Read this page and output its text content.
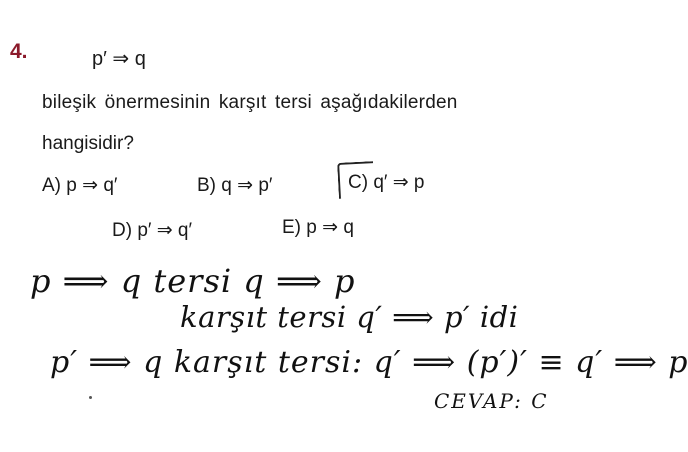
4.	p′ ⇒ q
bileşik önermesinin karşıt tersi aşağıdakilerden
hangisidir?
A) p ⇒ q′	B) q ⇒ p′	C) q′ ⇒ p
D) p′ ⇒ q′	E) p ⇒ q
p ⟹ q tersi q ⟹ p
karşıt tersi q′ ⟹ p′ idi
p′ ⟹ q karşıt tersi: q′ ⟹ (p′)′ ≡ q′ ⟹ p
CEVAP: C
